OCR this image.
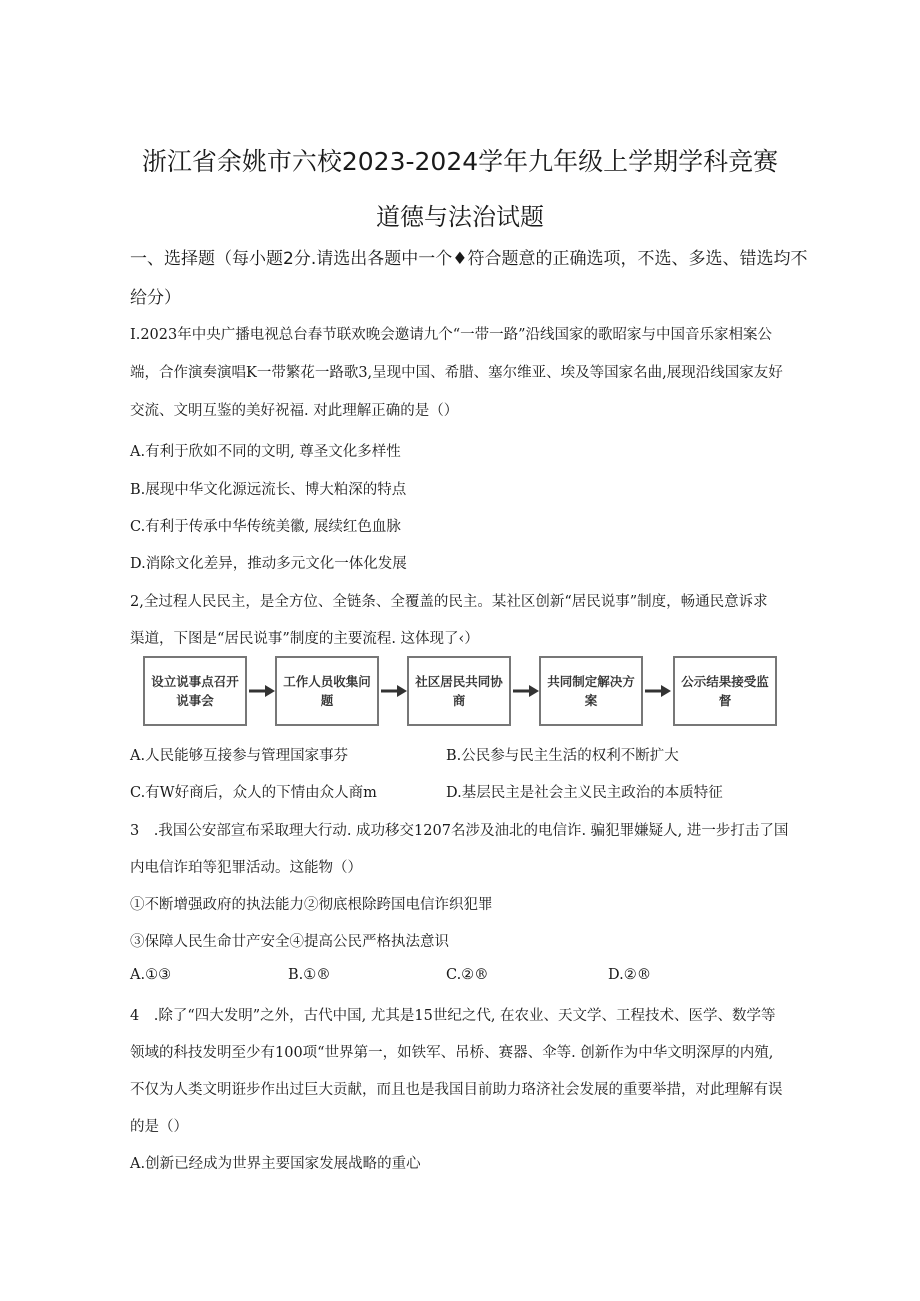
浙江省余姚市六校2023-2024学年九年级上学期学科竞赛
道德与法治试题
一、选择题（每小题2分.请选出各题中一个♦符合题意的正确选项，不选、多选、错选均不
给分）
I.2023年中央广播电视总台春节联欢晚会邀请九个“一带一路”沿线国家的歌昭家与中国音乐家相案公
端，合作演奏演唱K一带繁花一路歌3,呈现中国、希腊、塞尔维亚、埃及等国家名曲,展现沿线国家友好
交流、文明互鉴的美好祝福. 对此理解正确的是（）
A.有利于欣如不同的文明, 尊圣文化多样性
B.展现中华文化源远流长、博大粕深的特点
C.有利于传承中华传统美徽, 展续红色血脉
D.消除文化差异，推动多元文化一体化发展
2,全过程人民民主，是全方位、全链条、全覆盖的民主。某社区创新“居民说事”制度，畅通民意诉求
渠道，下图是“居民说事”制度的主要流程. 这体现了‹）
设立说事点召开说事会
工作人员收集问题
社区居民共同协商
共同制定解决方案
公示结果接受监督
A.人民能够互接参与管理国家事芬	B.公民参与民主生活的权利不断扩大
C.有W好商后，众人的下情由众人商m	D.基层民主是社会主义民主政治的本质特征
3　.我国公安部宣布采取理大行动. 成功移交1207名涉及油北的电信诈. 骗犯罪嫌疑人, 进一步打击了国
内电信诈珀等犯罪活动。这能物（）
①不断增强政府的执法能力②彻底根除跨国电信诈织犯罪
③保障人民生命廿产安全④提高公民严格执法意识
A.①③	B.①®	C.②®	D.②®
4　.除了“四大发明”之外，古代中国, 尤其是15世纪之代, 在农业、天文学、工程技术、医学、数学等
领域的科技发明至少有100项“世界第一，如铁军、吊桥、赛器、伞等. 创新作为中华文明深厚的内殖,
不仅为人类文明诳步作出过巨大贡献，而且也是我国目前助力珞济社会发展的重要举措，对此理解有误
的是（）
A.创新已经成为世界主要国家发展战略的重心
